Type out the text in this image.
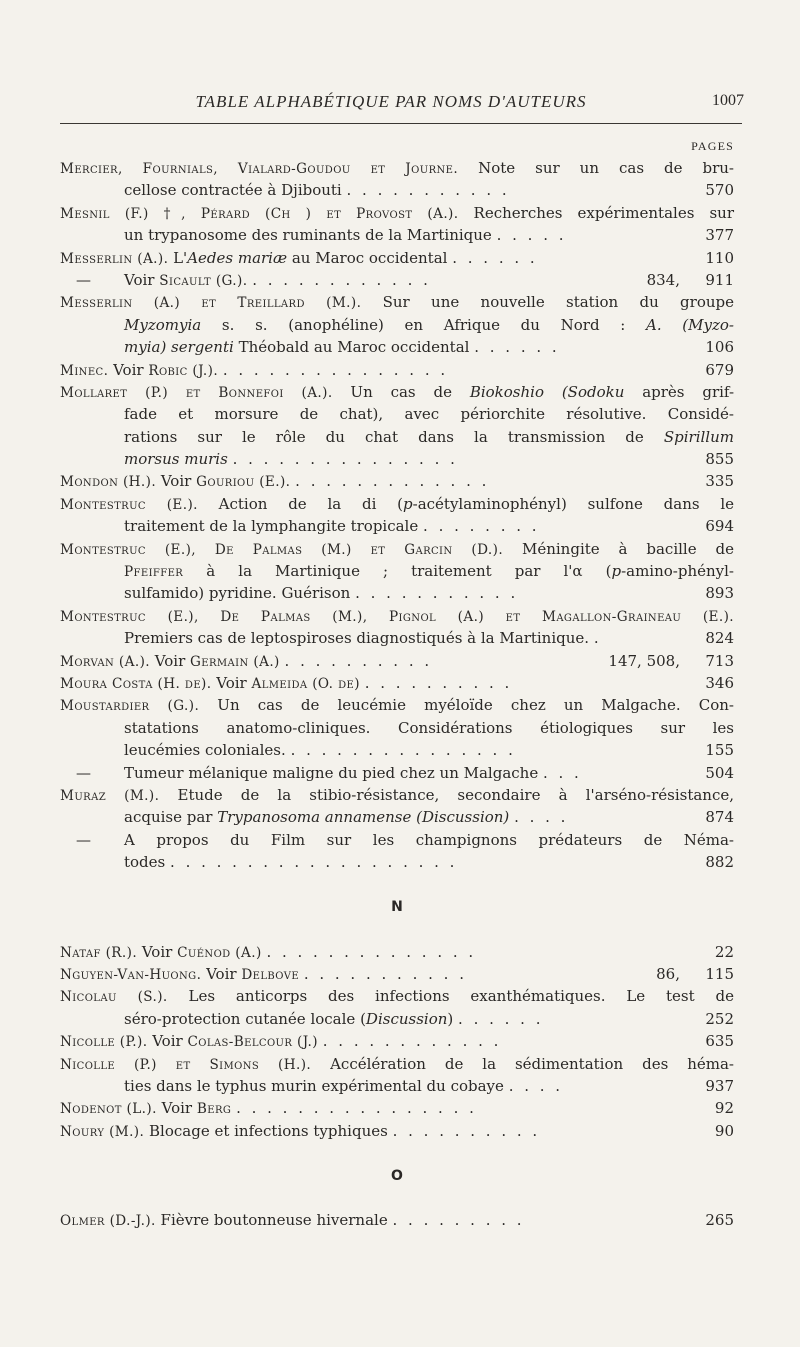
TABLE ALPHABÉTIQUE PAR NOMS D'AUTEURS	1007
PAGES
Mercier, Fournials, Vialard-Goudou et Journe. Note sur un cas de bru-
cellose contractée à Djibouti . . . . . . . . . . .	570
Mesnil (F.) †, Pérard (Ch ) et Provost (A.). Recherches expérimentales sur
un trypanosome des ruminants de la Martinique . . . . .	377
Messerlin (A.). L'Aedes mariæ au Maroc occidental . . . . . .	110
— Voir Sicault (G.). . . . . . . . . . . . .	834,	911
Messerlin (A.) et Treillard (M.). Sur une nouvelle station du groupe
Myzomyia s. s. (anophéline) en Afrique du Nord : A. (Myzo-
myia) sergenti Théobald au Maroc occidental . . . . . .	106
Minec. Voir Robic (J.). . . . . . . . . . . . . . . .	679
Mollaret (P.) et Bonnefoi (A.). Un cas de Biokoshio (Sodoku après grif-
fade et morsure de chat), avec périorchite résolutive. Considé-
rations sur le rôle du chat dans la transmission de Spirillum
morsus muris . . . . . . . . . . . . . . .	855
Mondon (H.). Voir Gouriou (E.). . . . . . . . . . . . . .	335
Montestruc (E.). Action de la di (p-acétylaminophényl) sulfone dans le
traitement de la lymphangite tropicale . . . . . . . .	694
Montestruc (E.), De Palmas (M.) et Garcin (D.). Méningite à bacille de
Pfeiffer à la Martinique ; traitement par l'α (p-amino-phényl-
sulfamido) pyridine. Guérison . . . . . . . . . . .	893
Montestruc (E.), De Palmas (M.), Pignol (A.) et Magallon-Graineau (E.).
Premiers cas de leptospiroses diagnostiqués à la Martinique. .	824
Morvan (A.). Voir Germain (A.) . . . . . . . . . .	147, 508,	713
Moura Costa (H. de). Voir Almeida (O. de) . . . . . . . . . .	346
Moustardier (G.). Un cas de leucémie myéloïde chez un Malgache. Con-
statations anatomo-cliniques. Considérations étiologiques sur les
leucémies coloniales. . . . . . . . . . . . . . . .	155
— Tumeur mélanique maligne du pied chez un Malgache . . .	504
Muraz (M.). Etude de la stibio-résistance, secondaire à l'arséno-résistance,
acquise par Trypanosoma annamense (Discussion) . . . .	874
— A propos du Film sur les champignons prédateurs de Néma-
todes . . . . . . . . . . . . . . . . . . .	882
N
Nataf (R.). Voir Cuénod (A.) . . . . . . . . . . . . . .	22
Nguyen-Van-Huong. Voir Delbove . . . . . . . . . . .	86,	115
Nicolau (S.). Les anticorps des infections exanthématiques. Le test de
séro-protection cutanée locale (Discussion) . . . . . .	252
Nicolle (P.). Voir Colas-Belcour (J.) . . . . . . . . . . . .	635
Nicolle (P.) et Simons (H.). Accélération de la sédimentation des héma-
ties dans le typhus murin expérimental du cobaye . . . .	937
Nodenot (L.). Voir Berg . . . . . . . . . . . . . . . .	92
Noury (M.). Blocage et infections typhiques . . . . . . . . . .	90
O
Olmer (D.-J.). Fièvre boutonneuse hivernale . . . . . . . . .	265
